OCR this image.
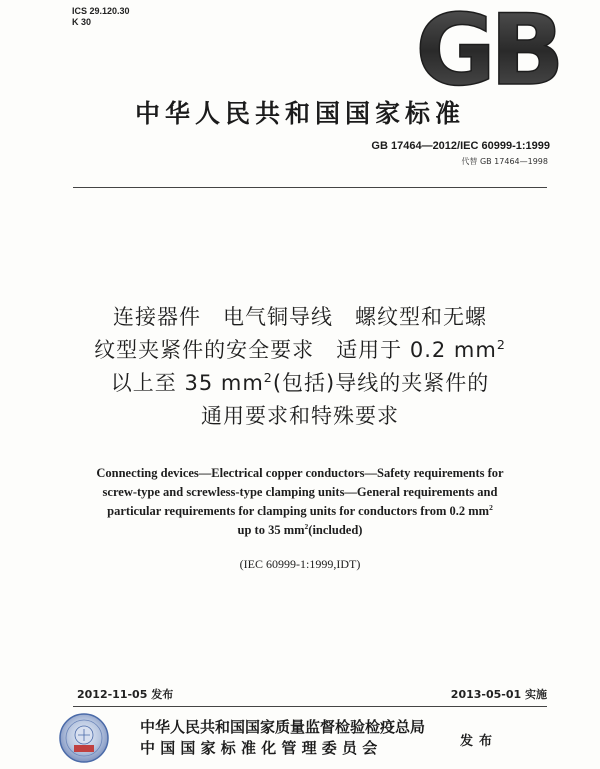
ICS 29.120.30
K 30	GB
中华人民共和国国家标准
GB 17464—2012/IEC 60999-1:1999
代替 GB 17464—1998
连接器件　电气铜导线　螺纹型和无螺
纹型夹紧件的安全要求　适用于 0.2 $mm^2$
以上至 35 $mm^2$(包括)导线的夹紧件的
通用要求和特殊要求
Connecting devices—Electrical copper conductors—Safety requirements for
screw-type and screwless-type clamping units—General requirements and
particular requirements for clamping units for conductors from 0.2 $mm^2$
up to 35 $mm^2(included)$
(IEC 60999-1:1999,IDT)
2012-11-05 发布	2013-05-01 实施
中华人民共和国国家质量监督检验检疫总局
中国国家标准化管理委员会	发布
